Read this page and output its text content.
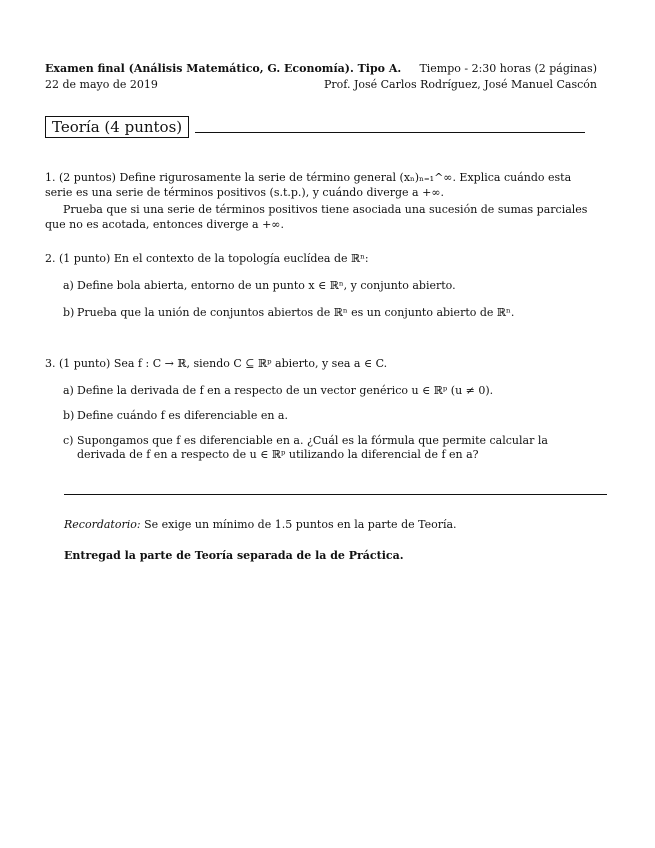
Examen final (Análisis Matemático, G. Economía). Tipo A. Tiempo - 2:30 horas (2 páginas)
22 de mayo de 2019	Prof. José Carlos Rodríguez, José Manuel Cascón
Teoría (4 puntos)
1. (2 puntos) Define rigurosamente la serie de término general (xₙ)ₙ₌₁^∞. Explica cuándo esta serie es una serie de términos positivos (s.t.p.), y cuándo diverge a +∞.

Prueba que si una serie de términos positivos tiene asociada una sucesión de sumas parciales que no es acotada, entonces diverge a +∞.

2. (1 punto) En el contexto de la topología euclídea de ℝⁿ:
a) Define bola abierta, entorno de un punto x ∈ ℝⁿ, y conjunto abierto.
b) Prueba que la unión de conjuntos abiertos de ℝⁿ es un conjunto abierto de ℝⁿ.
3. (1 punto) Sea f : C → ℝ, siendo C ⊆ ℝᵖ abierto, y sea a ∈ C.
a) Define la derivada de f en a respecto de un vector genérico u ∈ ℝᵖ (u ≠ 0).
b) Define cuándo f es diferenciable en a.
c) Supongamos que f es diferenciable en a. ¿Cuál es la fórmula que permite calcular la derivada de f en a respecto de u ∈ ℝᵖ utilizando la diferencial de f en a?
Recordatorio: Se exige un mínimo de 1.5 puntos en la parte de Teoría.
Entregad la parte de Teoría separada de la de Práctica.
